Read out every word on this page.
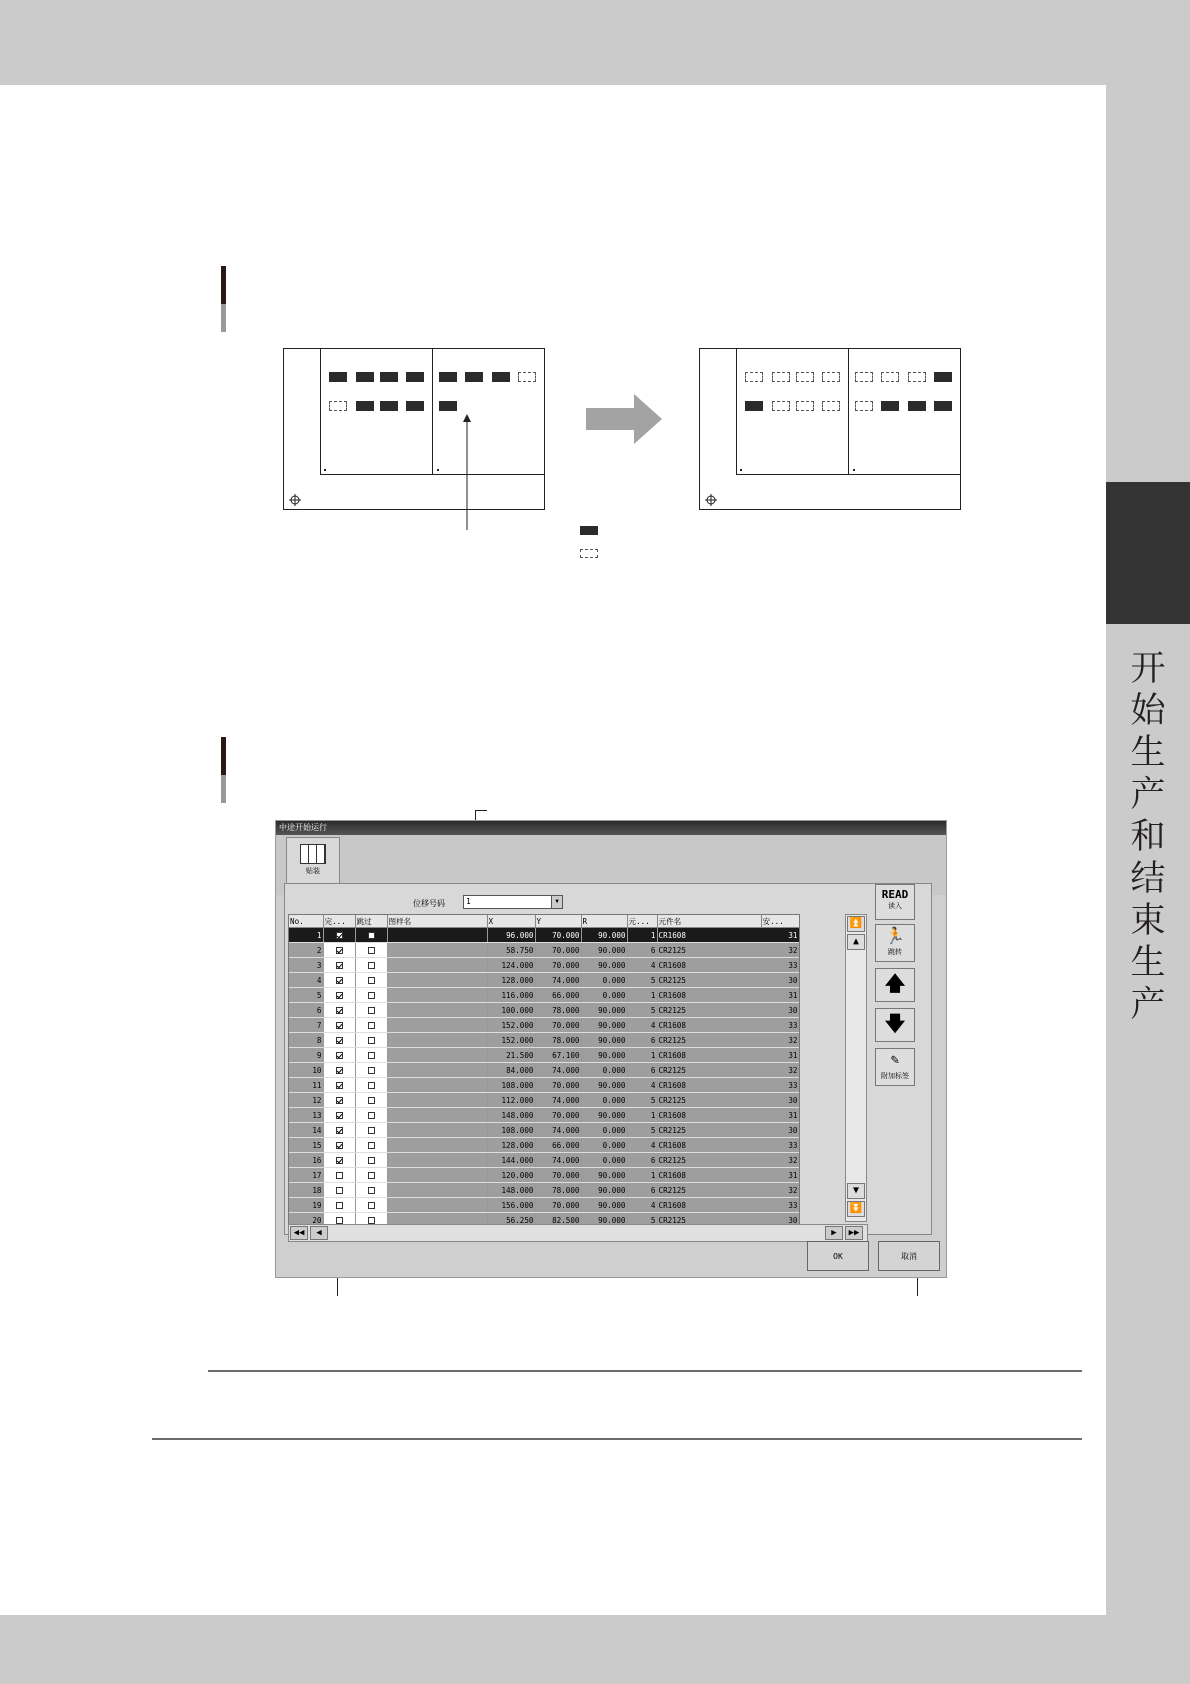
开
始
生
产
和
结
束
生
产
中途开始运行
贴装
位移号码	1	▼
No.	完...	跳过	图样名	X	Y	R	元...	元件名	安...
1				96.000	70.000	90.000	1	CR1608	31
2				58.750	70.000	90.000	6	CR2125	32
3				124.000	70.000	90.000	4	CR1608	33
4				128.000	74.000	0.000	5	CR2125	30
5				116.000	66.000	0.000	1	CR1608	31
6				100.000	78.000	90.000	5	CR2125	30
7				152.000	70.000	90.000	4	CR1608	33
8				152.000	78.000	90.000	6	CR2125	32
9				21.500	67.100	90.000	1	CR1608	31
10				84.000	74.000	0.000	6	CR2125	32
11				108.000	70.000	90.000	4	CR1608	33
12				112.000	74.000	0.000	5	CR2125	30
13				148.000	70.000	90.000	1	CR1608	31
14				108.000	74.000	0.000	5	CR2125	30
15				128.000	66.000	0.000	4	CR1608	33
16				144.000	74.000	0.000	6	CR2125	32
17				120.000	70.000	90.000	1	CR1608	31
18				148.000	78.000	90.000	6	CR2125	32
19				156.000	70.000	90.000	4	CR1608	33
20				56.250	82.500	90.000	5	CR2125	30
⏫
▲
▼
⏬
◀◀	◀	▶	▶▶
READ
读入
🏃
跳转
🡅
🡇
✎
附加标签
OK	取消
